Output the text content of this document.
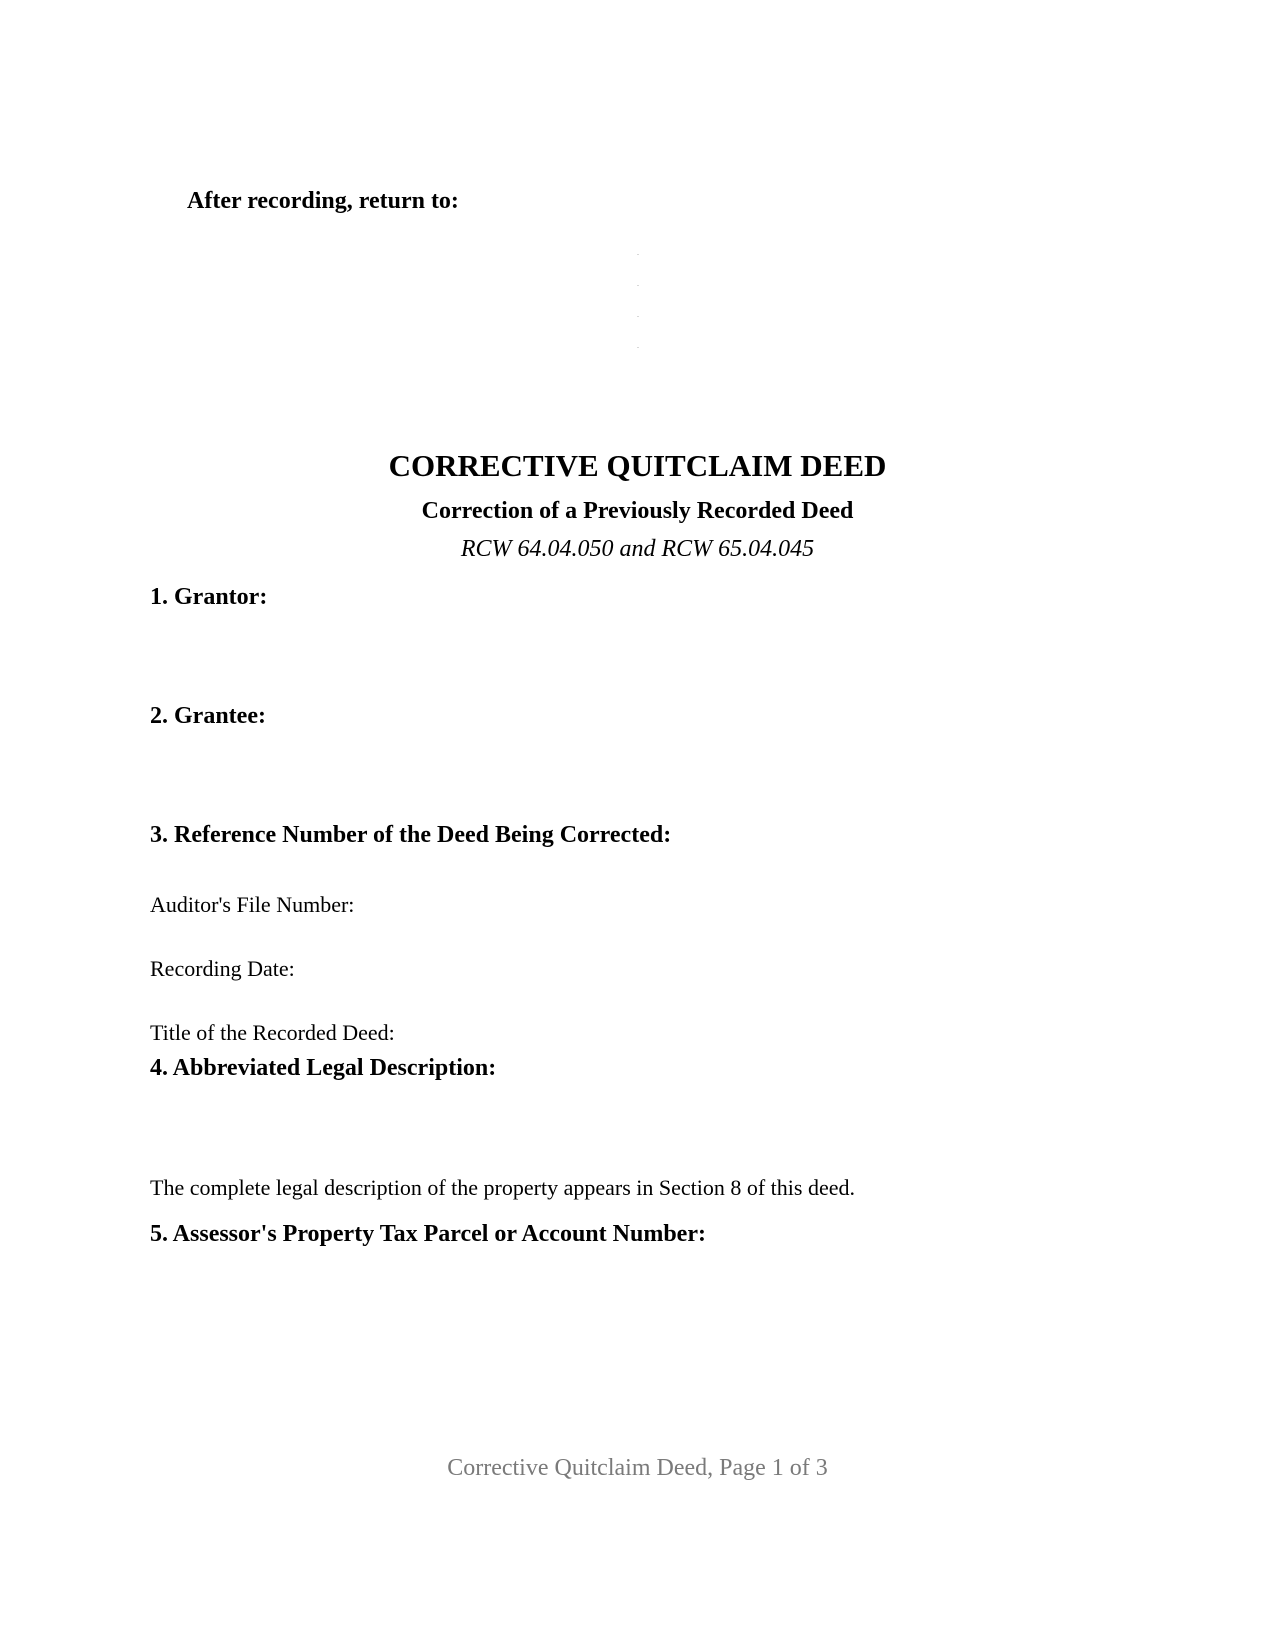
After recording, return to:
CORRECTIVE QUITCLAIM DEED
Correction of a Previously Recorded Deed
RCW 64.04.050 and RCW 65.04.045
1. Grantor:
2. Grantee:
3. Reference Number of the Deed Being Corrected:
Auditor's File Number:
Recording Date:
Title of the Recorded Deed:
4. Abbreviated Legal Description:
The complete legal description of the property appears in Section 8 of this deed.
5. Assessor's Property Tax Parcel or Account Number:
Corrective Quitclaim Deed, Page 1 of 3
